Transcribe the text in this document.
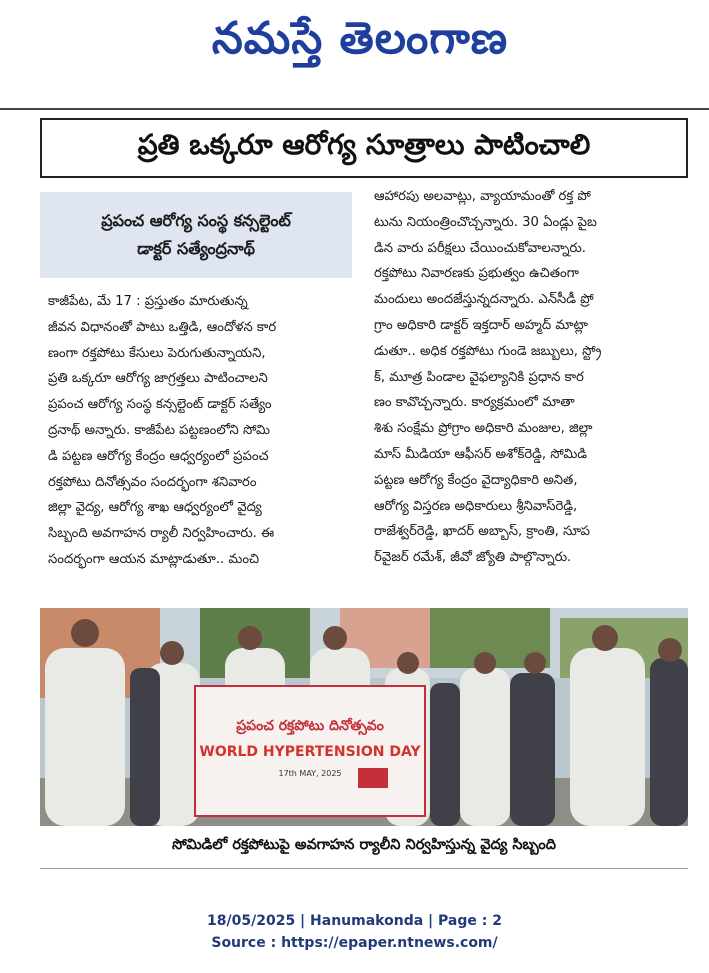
నమస్తే తెలంగాణ
ప్రతి ఒక్కరూ ఆరోగ్య సూత్రాలు పాటించాలి
ప్రపంచ ఆరోగ్య సంస్థ కన్సల్టెంట్
డాక్టర్ సత్యేంద్రనాథ్
కాజీపేట, మే 17 : ప్రస్తుతం మారుతున్న
జీవన విధానంతో పాటు ఒత్తిడి, ఆందోళన కార
ణంగా రక్తపోటు కేసులు పెరుగుతున్నాయని,
ప్రతి ఒక్కరూ ఆరోగ్య జాగ్రత్తలు పాటించాలని
ప్రపంచ ఆరోగ్య సంస్థ కన్సల్టెంట్ డాక్టర్ సత్యేం
ద్రనాథ్ అన్నారు. కాజీపేట పట్టణంలోని సోమి
డి పట్టణ ఆరోగ్య కేంద్రం ఆధ్వర్యంలో ప్రపంచ
రక్తపోటు దినోత్సవం సందర్భంగా శనివారం
జిల్లా వైద్య, ఆరోగ్య శాఖ ఆధ్వర్యంలో వైద్య
సిబ్బంది అవగాహన ర్యాలీ నిర్వహించారు. ఈ
సందర్భంగా ఆయన మాట్లాడుతూ.. మంచి
ఆహారపు అలవాట్లు, వ్యాయామంతో రక్త పో
టును నియంత్రించొచ్చన్నారు. 30 ఏండ్లు పైబ
డిన వారు పరీక్షలు చేయించుకోవాలన్నారు.
రక్తపోటు నివారణకు ప్రభుత్వం ఉచితంగా
మందులు అందజేస్తున్నదన్నారు. ఎన్‌సీడీ ప్రో
గ్రాం అధికారి డాక్టర్ ఇక్తదార్ అహ్మద్ మాట్లా
డుతూ.. అధిక రక్తపోటు గుండె జబ్బులు, స్ట్రో
క్, మూత్ర పిండాల వైఫల్యానికి ప్రధాన కార
ణం కావొచ్చన్నారు. కార్యక్రమంలో మాతా
శిశు సంక్షేమ ప్రోగ్రాం అధికారి మంజుల, జిల్లా
మాస్ మీడియా ఆఫీసర్ అశోక్‌రెడ్డి, సోమిడి
పట్టణ ఆరోగ్య కేంద్రం వైద్యాధికారి అనిత,
ఆరోగ్య విస్తరణ అధికారులు శ్రీనివాస్‌రెడ్డి,
రాజేశ్వర్‌రెడ్డి, ఖాదర్ అబ్బాస్, క్రాంతి, సూప
ర్‌వైజర్ రమేశ్, జీవో జ్యోతి పాల్గొన్నారు.
ప్రపంచ రక్తపోటు దినోత్సవం
WORLD HYPERTENSION DAY
17th MAY, 2025
సోమిడిలో రక్తపోటుపై అవగాహన ర్యాలీని నిర్వహిస్తున్న వైద్య సిబ్బంది
18/05/2025 | Hanumakonda | Page : 2
Source : https://epaper.ntnews.com/
